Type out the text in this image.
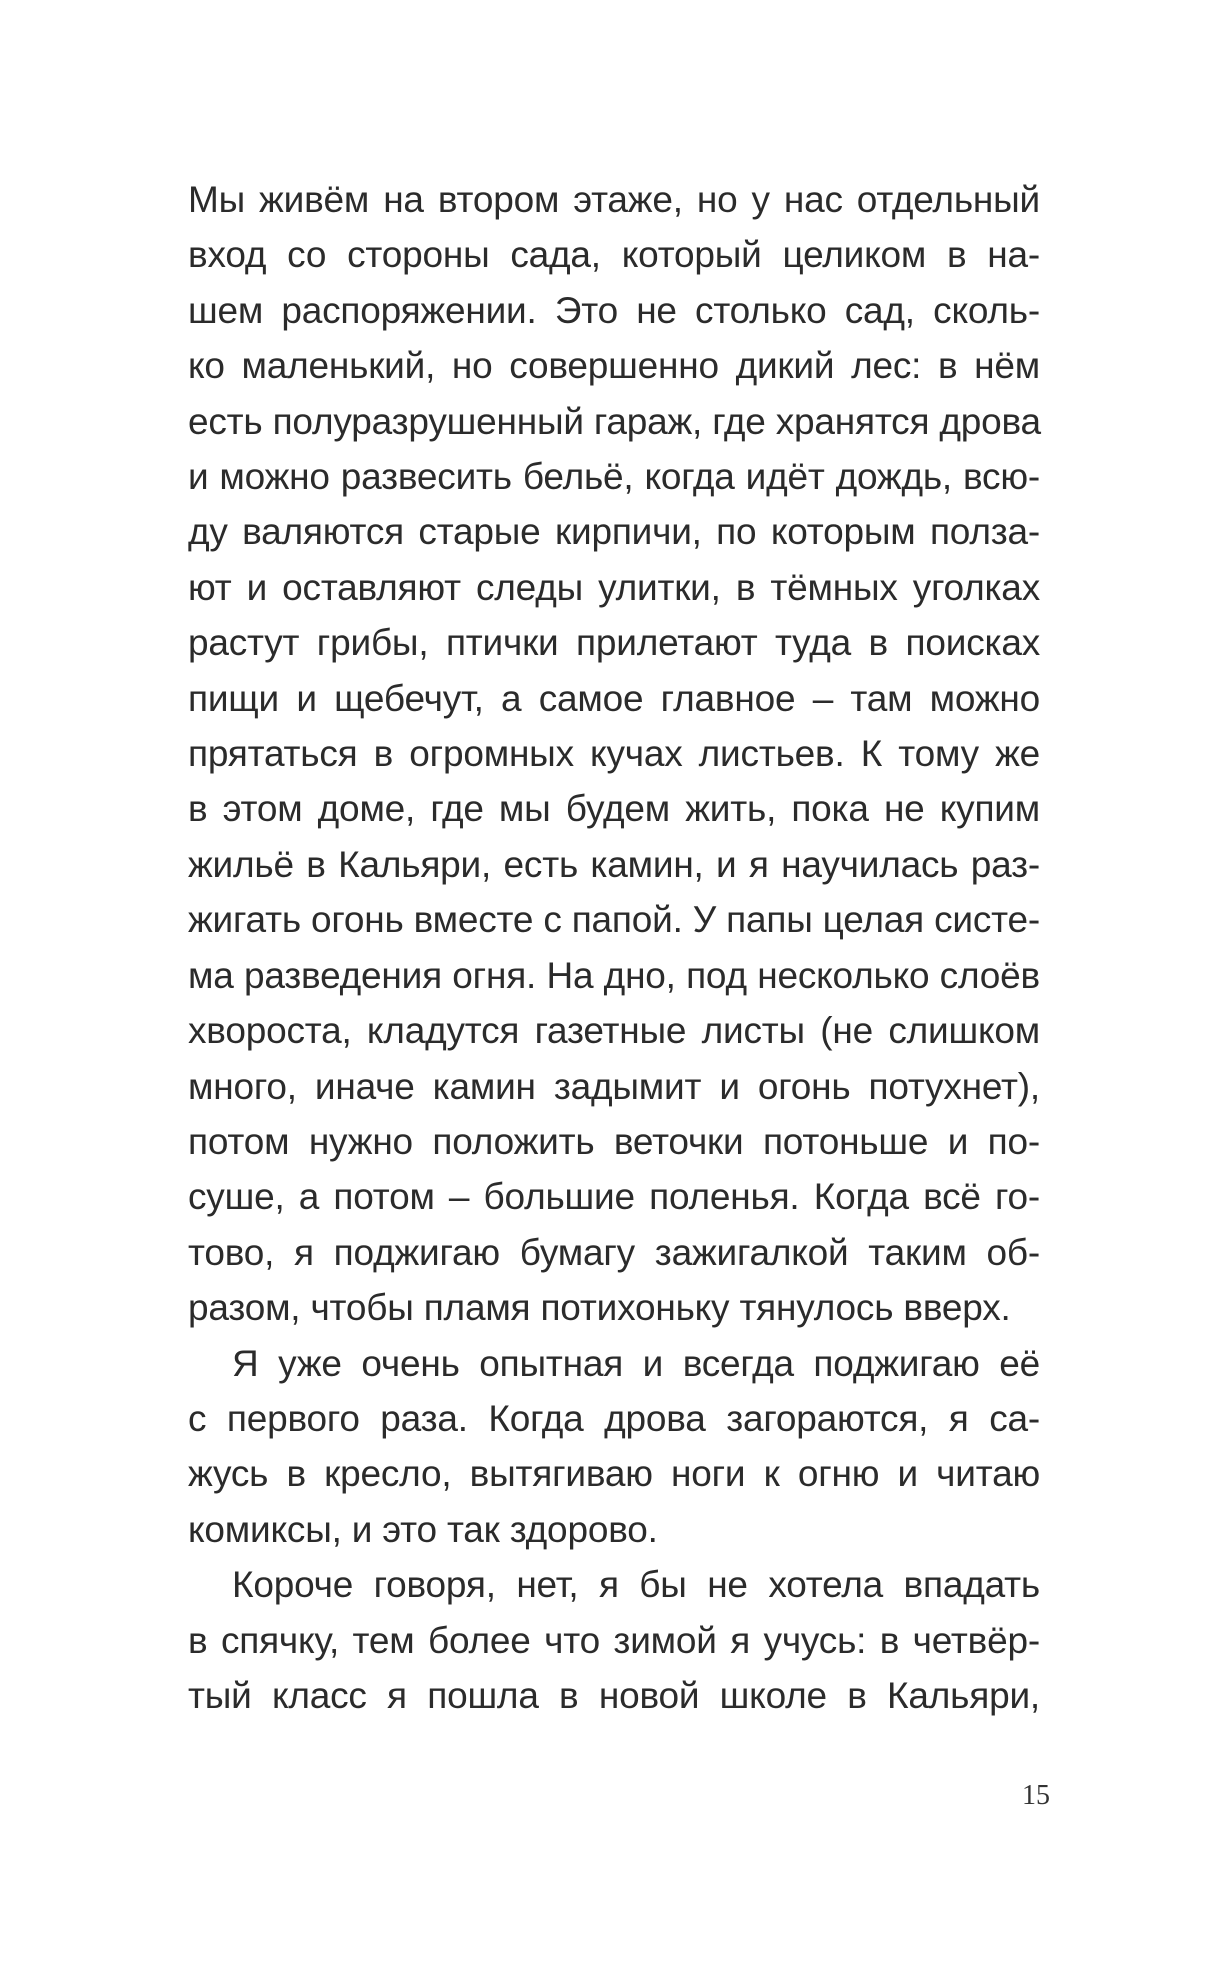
Мы живём на втором этаже, но у нас отдельный
вход со стороны сада, который целиком в на-
шем распоряжении. Это не столько сад, сколь-
ко маленький, но совершенно дикий лес: в нём
есть полуразрушенный гараж, где хранятся дрова
и можно развесить бельё, когда идёт дождь, всю-
ду валяются старые кирпичи, по которым полза-
ют и оставляют следы улитки, в тёмных уголках
растут грибы, птички прилетают туда в поисках
пищи и щебечут, а самое главное – там можно
прятаться в огромных кучах листьев. К тому же
в этом доме, где мы будем жить, пока не купим
жильё в Кальяри, есть камин, и я научилась раз-
жигать огонь вместе с папой. У папы целая систе-
ма разведения огня. На дно, под несколько слоёв
хвороста, кладутся газетные листы (не слишком
много, иначе камин задымит и огонь потухнет),
потом нужно положить веточки потоньше и по-
суше, а потом – большие поленья. Когда всё го-
тово, я поджигаю бумагу зажигалкой таким об-
разом, чтобы пламя потихоньку тянулось вверх.

Я уже очень опытная и всегда поджигаю её
с первого раза. Когда дрова загораются, я са-
жусь в кресло, вытягиваю ноги к огню и читаю
комиксы, и это так здорово.

Короче говоря, нет, я бы не хотела впадать
в спячку, тем более что зимой я учусь: в четвёр-
тый класс я пошла в новой школе в Кальяри,

15
